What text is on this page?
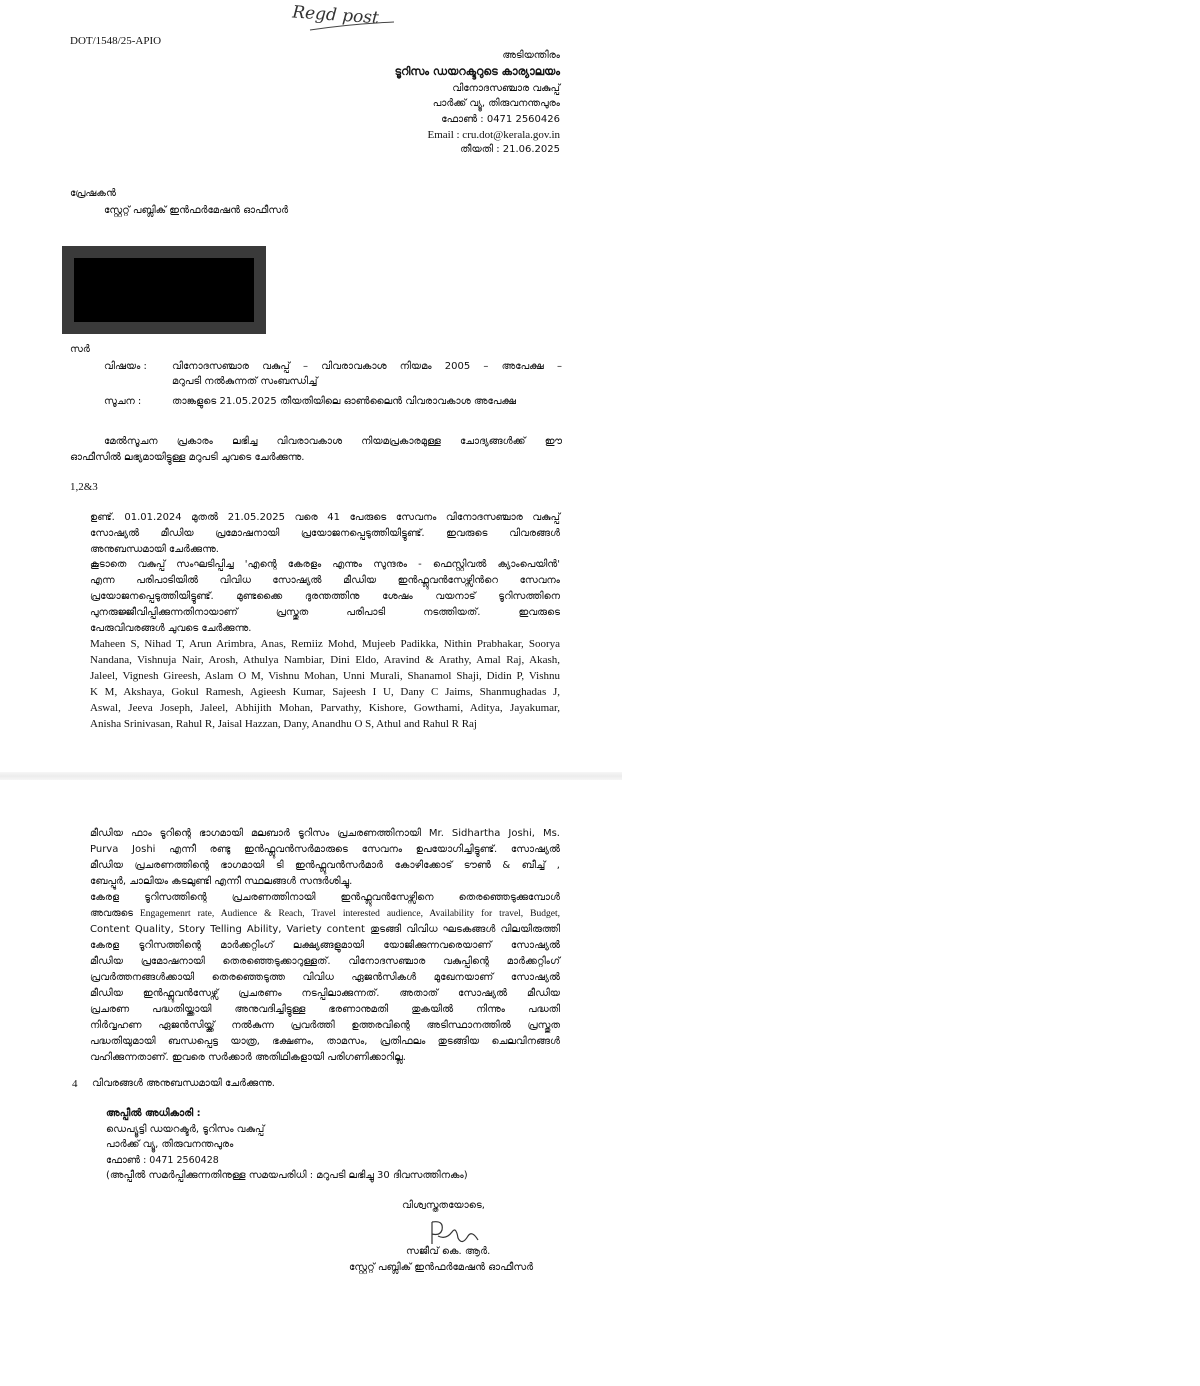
Regd post
DOT/1548/25-APIO
അടിയന്തിരം
ടൂറിസം ഡയറക്ടറുടെ കാര്യാലയം
വിനോദസഞ്ചാര വകുപ്പ്
പാർക്ക് വ്യൂ, തിരുവനന്തപുരം
ഫോൺ : 0471 2560426
Email : cru.dot@kerala.gov.in
തീയതി : 21.06.2025
പ്രേഷകൻ
സ്റ്റേറ്റ് പബ്ലിക് ഇൻഫർമേഷൻ ഓഫീസർ
സർ
വിഷയം :	വിനോദസഞ്ചാര വകുപ്പ് – വിവരാവകാശ നിയമം 2005 – അപേക്ഷ –
മറുപടി നൽകുന്നത് സംബന്ധിച്ച്
സൂചന :	താങ്കളുടെ 21.05.2025 തീയതിയിലെ ഓൺലൈൻ വിവരാവകാശ അപേക്ഷ
മേൽസൂചന പ്രകാരം ലഭിച്ച വിവരാവകാശ നിയമപ്രകാരമുള്ള ചോദ്യങ്ങൾക്ക് ഈ
ഓഫീസിൽ ലഭ്യമായിട്ടുള്ള മറുപടി ചുവടെ ചേർക്കുന്നു.
1,2&3
ഉണ്ട്. 01.01.2024 മുതൽ 21.05.2025 വരെ 41 പേരുടെ സേവനം വിനോദസഞ്ചാര വകുപ്പ്
സോഷ്യൽ മീഡിയ പ്രമോഷനായി പ്രയോജനപ്പെടുത്തിയിട്ടുണ്ട്. ഇവരുടെ വിവരങ്ങൾ
അനുബന്ധമായി ചേർക്കുന്നു.
കൂടാതെ വകുപ്പ് സംഘടിപ്പിച്ച 'എന്റെ കേരളം എന്നും സുന്ദരം - ഫെസ്റ്റിവൽ ക്യാംപെയിൻ'
എന്ന പരിപാടിയിൽ വിവിധ സോഷ്യൽ മീഡിയ ഇൻഫ്ലുവൻസേഴ്സിൻറെ സേവനം
പ്രയോജനപ്പെടുത്തിയിട്ടുണ്ട്. മുണ്ടക്കൈ ദുരന്തത്തിനു ശേഷം വയനാട് ടൂറിസത്തിനെ
പുനരുജ്ജീവിപ്പിക്കുന്നതിനായാണ് പ്രസ്തുത പരിപാടി നടത്തിയത്. ഇവരുടെ
പേരുവിവരങ്ങൾ ചുവടെ ചേർക്കുന്നു.
Maheen S, Nihad T, Arun Arimbra, Anas, Remiiz Mohd, Mujeeb Padikka, Nithin Prabhakar, Soorya
Nandana, Vishnuja Nair, Arosh, Athulya Nambiar, Dini Eldo, Aravind & Arathy, Amal Raj, Akash,
Jaleel, Vignesh Gireesh, Aslam O M, Vishnu Mohan, Unni Murali, Shanamol Shaji, Didin P, Vishnu
K M, Akshaya, Gokul Ramesh, Agieesh Kumar, Sajeesh I U, Dany C Jaims, Shanmughadas J,
Aswal, Jeeva Joseph, Jaleel, Abhijith Mohan, Parvathy, Kishore, Gowthami, Aditya, Jayakumar,
Anisha Srinivasan, Rahul R, Jaisal Hazzan, Dany, Anandhu O S, Athul and Rahul R Raj
മീഡിയ ഫാം ടൂറിന്റെ ഭാഗമായി മലബാർ ടൂറിസം പ്രചരണത്തിനായി Mr. Sidhartha Joshi, Ms.
Purva Joshi എന്നീ രണ്ടു ഇൻഫ്ലുവൻസർമാരുടെ സേവനം ഉപയോഗിച്ചിട്ടുണ്ട്. സോഷ്യൽ
മീഡിയ പ്രചരണത്തിന്റെ ഭാഗമായി ടി ഇൻഫ്ലുവൻസർമാർ കോഴിക്കോട് ടൗൺ & ബീച്ച് ,
ബേപ്പൂർ, ചാലിയം കടലുണ്ടി എന്നീ സ്ഥലങ്ങൾ സന്ദർശിച്ചു.
കേരള ടൂറിസത്തിന്റെ പ്രചരണത്തിനായി ഇൻഫ്ലുവൻസേഴ്സിനെ തെരഞ്ഞെടുക്കുമ്പോൾ
അവരുടെ Engagemenrt rate, Audience & Reach, Travel interested audience, Availability for travel, Budget,
Content Quality, Story Telling Ability, Variety content തുടങ്ങി വിവിധ ഘടകങ്ങൾ വിലയിരുത്തി
കേരള ടൂറിസത്തിന്റെ മാർക്കറ്റിംഗ് ലക്ഷ്യങ്ങളുമായി യോജിക്കുന്നവരെയാണ് സോഷ്യൽ
മീഡിയ പ്രമോഷനായി തെരഞ്ഞെടുക്കാറുള്ളത്. വിനോദസഞ്ചാര വകുപ്പിന്റെ മാർക്കറ്റിംഗ്
പ്രവർത്തനങ്ങൾക്കായി തെരഞ്ഞെടുത്ത വിവിധ ഏജൻസികൾ മുഖേനയാണ് സോഷ്യൽ
മീഡിയ ഇൻഫ്ലുവൻസേഴ്സ് പ്രചരണം നടപ്പിലാക്കുന്നത്. അതാത് സോഷ്യൽ മീഡിയ
പ്രചരണ പദ്ധതിയ്ക്കായി അനുവദിച്ചിട്ടുള്ള ഭരണാനുമതി തുകയിൽ നിന്നും പദ്ധതി
നിർവ്വഹണ ഏജൻസിയ്ക്ക് നൽകുന്ന പ്രവർത്തി ഉത്തരവിന്റെ അടിസ്ഥാനത്തിൽ പ്രസ്തുത
പദ്ധതിയുമായി ബന്ധപ്പെട്ട യാത്ര, ഭക്ഷണം, താമസം, പ്രതിഫലം തുടങ്ങിയ ചെലവിനങ്ങൾ
വഹിക്കുന്നതാണ്. ഇവരെ സർക്കാർ അതിഥികളായി പരിഗണിക്കാറില്ല.
4 വിവരങ്ങൾ അനുബന്ധമായി ചേർക്കുന്നു.
അപ്പീൽ അധികാരി :
ഡെപ്യൂട്ടി ഡയറക്ടർ, ടൂറിസം വകുപ്പ്
പാർക്ക് വ്യൂ, തിരുവനന്തപുരം
ഫോൺ : 0471 2560428
(അപ്പീൽ സമർപ്പിക്കുന്നതിനുള്ള സമയപരിധി : മറുപടി ലഭിച്ചു 30 ദിവസത്തിനകം)
വിശ്വസ്തതയോടെ,
സജീവ് കെ. ആർ.
സ്റ്റേറ്റ് പബ്ലിക് ഇൻഫർമേഷൻ ഓഫീസർ
